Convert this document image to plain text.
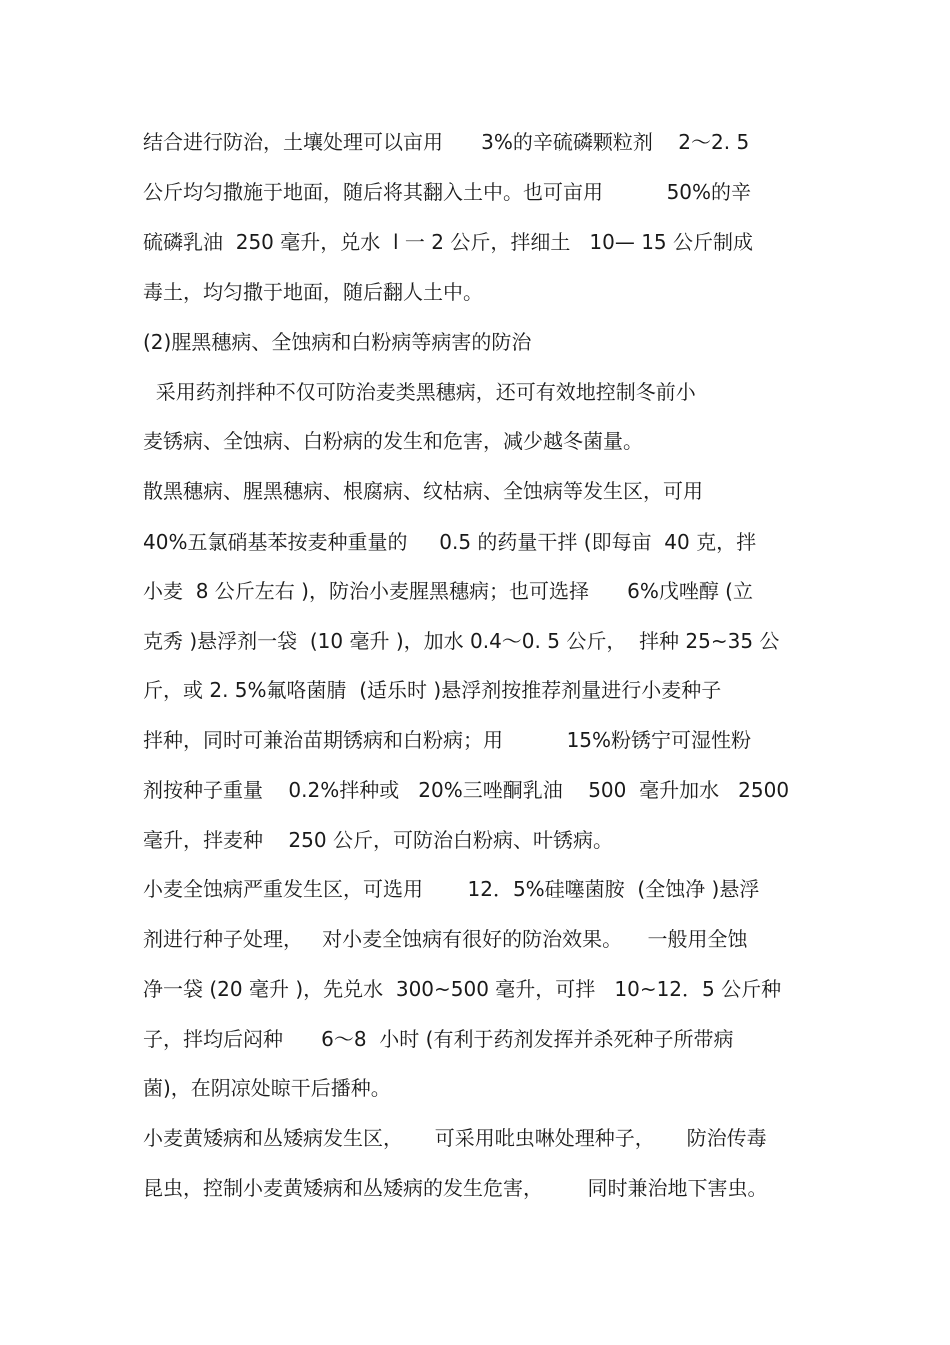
结合进行防治，土壤处理可以亩用      3%的辛硫磷颗粒剂    2～2. 5
公斤均匀撒施于地面，随后将其翻入土中。也可亩用          50%的辛
硫磷乳油  250 毫升，兑水  l 一 2 公斤，拌细土   10— 15 公斤制成
毒土，均匀撒于地面，随后翻人土中。
(2)腥黑穗病、全蚀病和白粉病等病害的防治
采用药剂拌种不仅可防治麦类黑穗病，还可有效地控制冬前小
麦锈病、全蚀病、白粉病的发生和危害，减少越冬菌量。
散黑穗病、腥黑穗病、根腐病、纹枯病、全蚀病等发生区，可用
40%五氯硝基苯按麦种重量的     0.5 的药量干拌 (即每亩  40 克，拌
小麦  8 公斤左右 )，防治小麦腥黑穗病；也可选择      6%戊唑醇 (立
克秀 )悬浮剂一袋  (10 毫升 )，加水 0.4～0. 5 公斤，  拌种 25~35 公
斤，或 2. 5%氟咯菌腈  (适乐时 )悬浮剂按推荐剂量进行小麦种子
拌种，同时可兼治苗期锈病和白粉病；用          15%粉锈宁可湿性粉
剂按种子重量    0.2%拌种或   20%三唑酮乳油    500  毫升加水   2500
毫升，拌麦种    250 公斤，可防治白粉病、叶锈病。
小麦全蚀病严重发生区，可选用       12．5%硅噻菌胺  (全蚀净 )悬浮
剂进行种子处理，   对小麦全蚀病有很好的防治效果。    一般用全蚀
净一袋 (20 毫升 )，先兑水  300~500 毫升，可拌   10~12．5 公斤种
子，拌均后闷种      6～8  小时 (有利于药剂发挥并杀死种子所带病
菌)，在阴凉处晾干后播种。
小麦黄矮病和丛矮病发生区，     可采用吡虫啉处理种子，     防治传毒
昆虫，控制小麦黄矮病和丛矮病的发生危害，       同时兼治地下害虫。
